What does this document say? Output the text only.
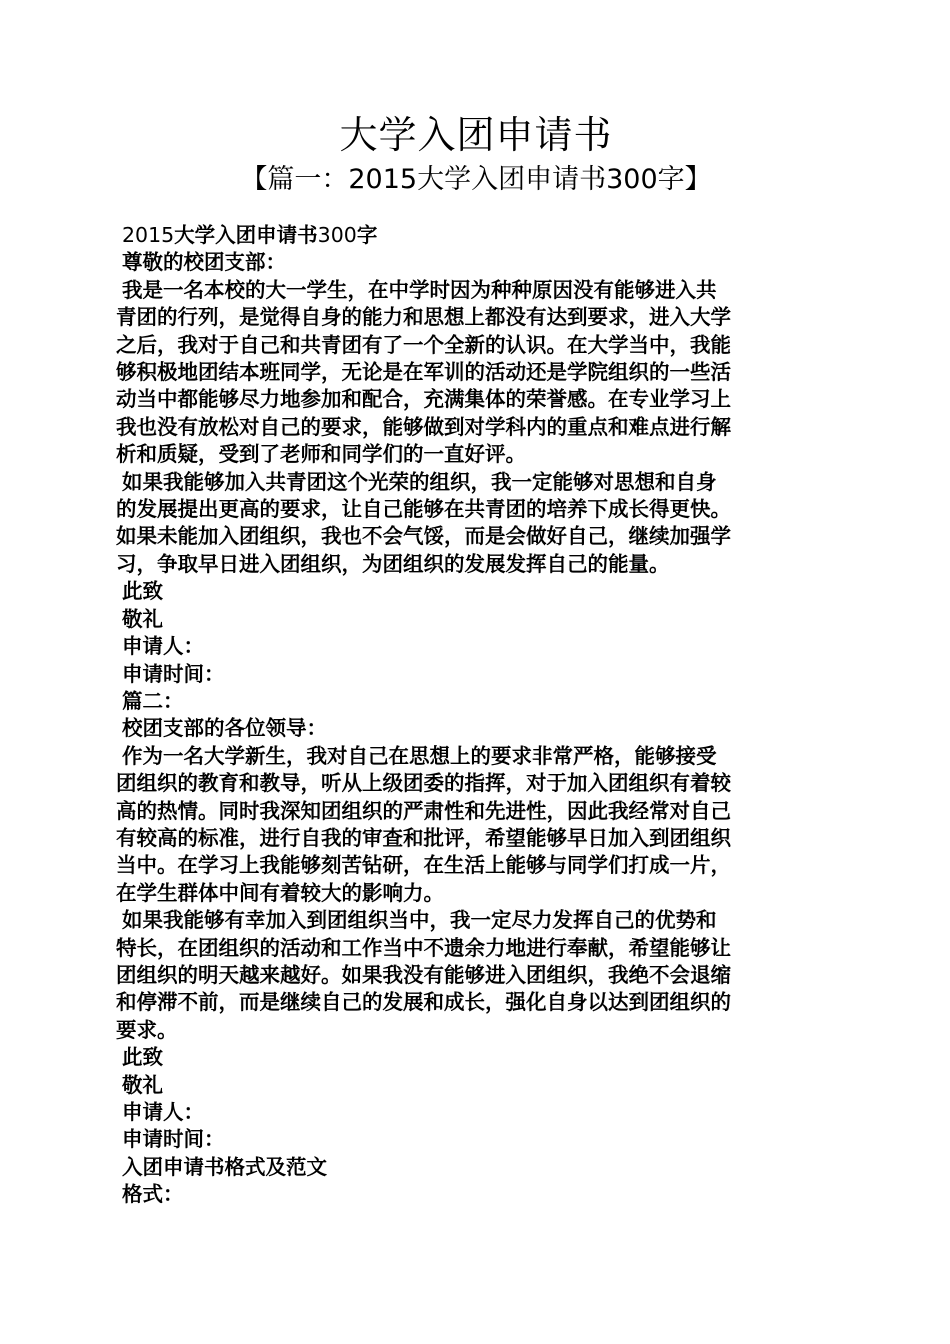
大学入团申请书
【篇一：2015大学入团申请书300字】
2015大学入团申请书300字
尊敬的校团支部：
我是一名本校的大一学生，在中学时因为种种原因没有能够进入共
青团的行列，是觉得自身的能力和思想上都没有达到要求，进入大学
之后，我对于自己和共青团有了一个全新的认识。在大学当中，我能
够积极地团结本班同学，无论是在军训的活动还是学院组织的一些活
动当中都能够尽力地参加和配合，充满集体的荣誉感。在专业学习上
我也没有放松对自己的要求，能够做到对学科内的重点和难点进行解
析和质疑，受到了老师和同学们的一直好评。
如果我能够加入共青团这个光荣的组织，我一定能够对思想和自身
的发展提出更高的要求，让自己能够在共青团的培养下成长得更快。
如果未能加入团组织，我也不会气馁，而是会做好自己，继续加强学
习，争取早日进入团组织，为团组织的发展发挥自己的能量。
此致
敬礼
申请人：
申请时间：
篇二：
校团支部的各位领导：
作为一名大学新生，我对自己在思想上的要求非常严格，能够接受
团组织的教育和教导，听从上级团委的指挥，对于加入团组织有着较
高的热情。同时我深知团组织的严肃性和先进性，因此我经常对自己
有较高的标准，进行自我的审查和批评，希望能够早日加入到团组织
当中。在学习上我能够刻苦钻研，在生活上能够与同学们打成一片，
在学生群体中间有着较大的影响力。
如果我能够有幸加入到团组织当中，我一定尽力发挥自己的优势和
特长，在团组织的活动和工作当中不遗余力地进行奉献，希望能够让
团组织的明天越来越好。如果我没有能够进入团组织，我绝不会退缩
和停滞不前，而是继续自己的发展和成长，强化自身以达到团组织的
要求。
此致
敬礼
申请人：
申请时间：
入团申请书格式及范文
格式：
